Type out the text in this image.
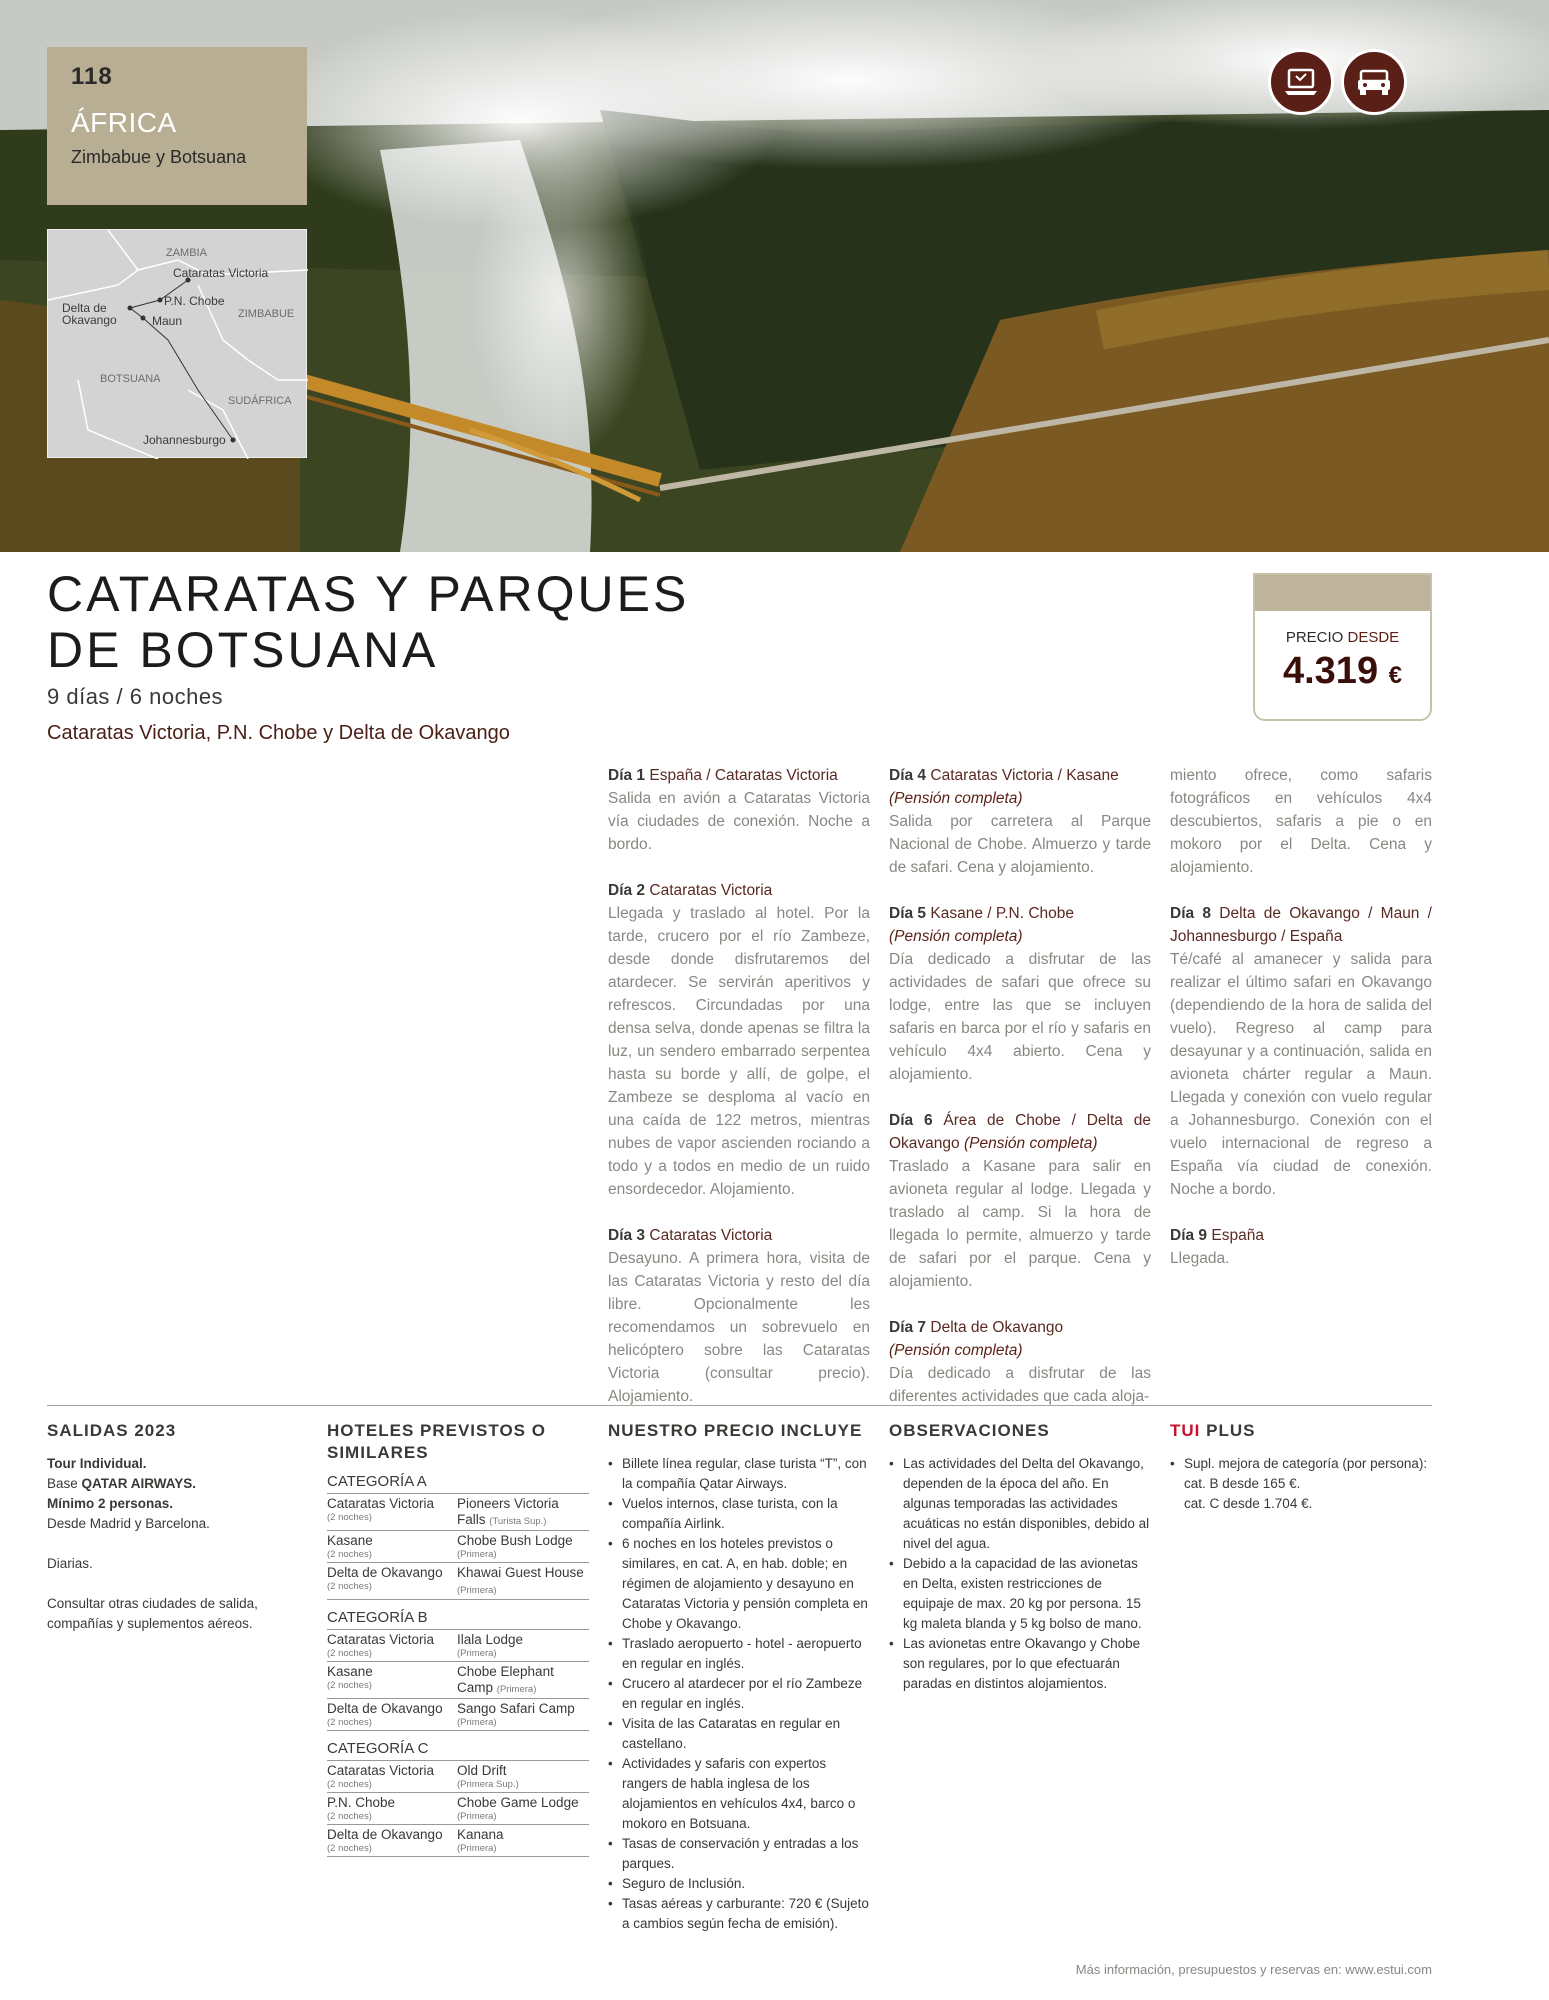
118
ÁFRICA
Zimbabue y Botsuana
ZAMBIA
ZIMBABUE
BOTSUANA
SUDÁFRICA
Cataratas Victoria
P.N. Chobe
Delta de Okavango	Maun
Johannesburgo
CATARATAS Y PARQUES
DE BOTSUANA
9 días / 6 noches
Cataratas Victoria, P.N. Chobe y Delta de Okavango
PRECIO DESDE
4.319 €
Día 1 España / Cataratas Victoria
Salida en avión a Cataratas Victoria vía ciudades de conexión. Noche a bordo.
Día 2 Cataratas Victoria
Llegada y traslado al hotel. Por la tarde, crucero por el río Zambeze, desde donde disfrutaremos del atardecer. Se servirán aperitivos y refrescos. Circundadas por una densa selva, donde apenas se filtra la luz, un sendero embarrado serpentea hasta su borde y allí, de golpe, el Zambeze se desploma al vacío en una caída de 122 metros, mientras nubes de vapor ascienden rociando a todo y a todos en medio de un ruido ensordecedor. Alojamiento.
Día 3 Cataratas Victoria
Desayuno. A primera hora, visita de las Cataratas Victoria y resto del día libre. Opcionalmente les recomendamos un sobrevuelo en helicóptero sobre las Cataratas Victoria (consultar precio). Alojamiento.
Día 4 Cataratas Victoria / Kasane
(Pensión completa)
Salida por carretera al Parque Nacional de Chobe. Almuerzo y tarde de safari. Cena y alojamiento.
Día 5 Kasane / P.N. Chobe
(Pensión completa)
Día dedicado a disfrutar de las actividades de safari que ofrece su lodge, entre las que se incluyen safaris en barca por el río y safaris en vehículo 4x4 abierto. Cena y alojamiento.
Día 6 Área de Chobe / Delta de Okavango (Pensión completa)
Traslado a Kasane para salir en avioneta regular al lodge. Llegada y traslado al camp. Si la hora de llegada lo permite, almuerzo y tarde de safari por el parque. Cena y alojamiento.
Día 7 Delta de Okavango
(Pensión completa)
Día dedicado a disfrutar de las diferentes actividades que cada aloja-
miento ofrece, como safaris fotográficos en vehículos 4x4 descubiertos, safaris a pie o en mokoro por el Delta. Cena y alojamiento.
Día 8 Delta de Okavango / Maun / Johannesburgo / España
Té/café al amanecer y salida para realizar el último safari en Okavango (dependiendo de la hora de salida del vuelo). Regreso al camp para desayunar y a continuación, salida en avioneta chárter regular a Maun. Llegada y conexión con vuelo regular a Johannesburgo. Conexión con el vuelo internacional de regreso a España vía ciudad de conexión. Noche a bordo.
Día 9 España
Llegada.
SALIDAS 2023
Tour Individual.
Base QATAR AIRWAYS.
Mínimo 2 personas.
Desde Madrid y Barcelona.
Diarias.
Consultar otras ciudades de salida, compañías y suplementos aéreos.
HOTELES PREVISTOS O SIMILARES
CATEGORÍA A
Cataratas Victoria
(2 noches)
Pioneers Victoria Falls (Turista Sup.)
Kasane
(2 noches)
Chobe Bush Lodge
(Primera)
Delta de Okavango
(2 noches)
Khawai Guest House (Primera)
CATEGORÍA B
Cataratas Victoria
(2 noches)
Ilala Lodge
(Primera)
Kasane
(2 noches)
Chobe Elephant Camp (Primera)
Delta de Okavango
(2 noches)
Sango Safari Camp
(Primera)
CATEGORÍA C
Cataratas Victoria
(2 noches)
Old Drift
(Primera Sup.)
P.N. Chobe
(2 noches)
Chobe Game Lodge
(Primera)
Delta de Okavango
(2 noches)
Kanana
(Primera)
NUESTRO PRECIO INCLUYE
• Billete línea regular, clase turista “T”, con la compañía Qatar Airways.
• Vuelos internos, clase turista, con la compañía Airlink.
• 6 noches en los hoteles previstos o similares, en cat. A, en hab. doble; en régimen de alojamiento y desayuno en Cataratas Victoria y pensión completa en Chobe y Okavango.
• Traslado aeropuerto - hotel - aeropuerto en regular en inglés.
• Crucero al atardecer por el río Zambeze en regular en inglés.
• Visita de las Cataratas en regular en castellano.
• Actividades y safaris con expertos rangers de habla inglesa de los alojamientos en vehículos 4x4, barco o mokoro en Botsuana.
• Tasas de conservación y entradas a los parques.
• Seguro de Inclusión.
• Tasas aéreas y carburante: 720 € (Sujeto a cambios según fecha de emisión).
OBSERVACIONES
• Las actividades del Delta del Okavango, dependen de la época del año. En algunas temporadas las actividades acuáticas no están disponibles, debido al nivel del agua.
• Debido a la capacidad de las avionetas en Delta, existen restricciones de equipaje de max. 20 kg por persona. 15 kg maleta blanda y 5 kg bolso de mano.
• Las avionetas entre Okavango y Chobe son regulares, por lo que efectuarán paradas en distintos alojamientos.
TUI PLUS
• Supl. mejora de categoría (por persona):
cat. B desde 165 €.
cat. C desde 1.704 €.
Más información, presupuestos y reservas en: www.estui.com
